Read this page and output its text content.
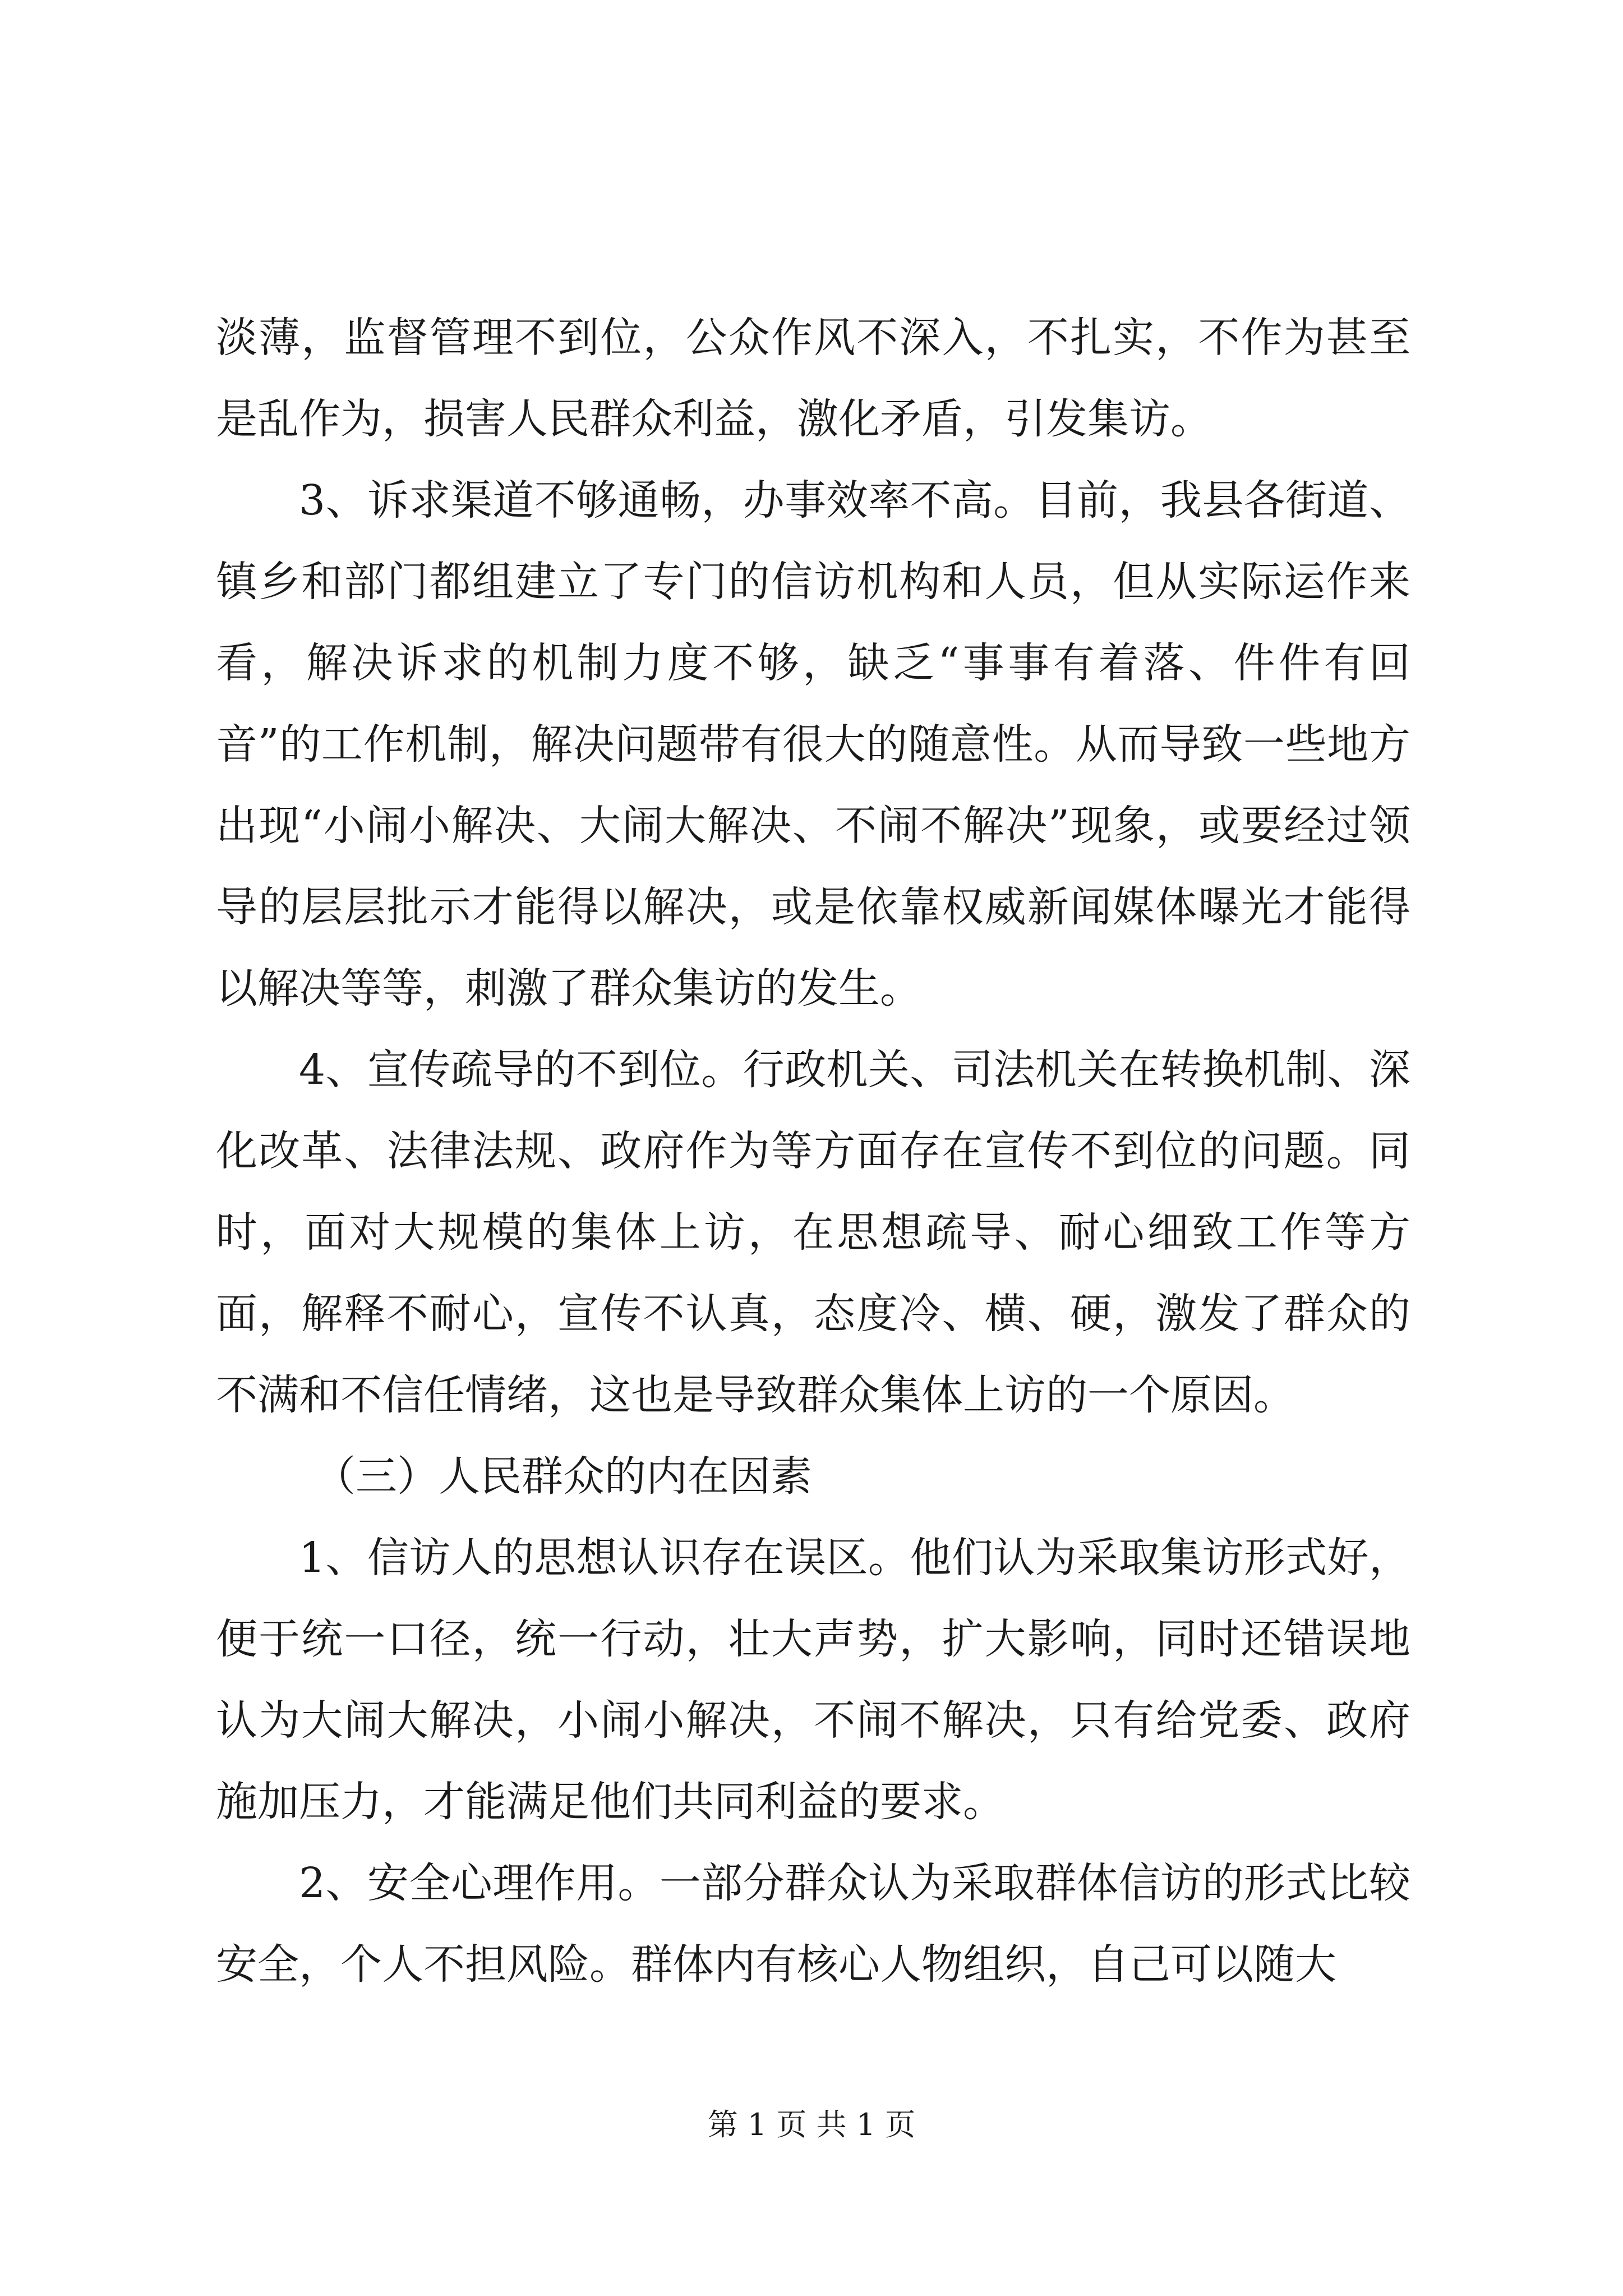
淡薄，监督管理不到位，公众作风不深入，不扎实，不作为甚至是乱作为，损害人民群众利益，激化矛盾，引发集访。

3、诉求渠道不够通畅，办事效率不高。目前，我县各街道、镇乡和部门都组建立了专门的信访机构和人员，但从实际运作来看，解决诉求的机制力度不够，缺乏“事事有着落、件件有回音”的工作机制，解决问题带有很大的随意性。从而导致一些地方出现“小闹小解决、大闹大解决、不闹不解决”现象，或要经过领导的层层批示才能得以解决，或是依靠权威新闻媒体曝光才能得以解决等等，刺激了群众集访的发生。

4、宣传疏导的不到位。行政机关、司法机关在转换机制、深化改革、法律法规、政府作为等方面存在宣传不到位的问题。同时，面对大规模的集体上访，在思想疏导、耐心细致工作等方面，解释不耐心，宣传不认真，态度冷、横、硬，激发了群众的不满和不信任情绪，这也是导致群众集体上访的一个原因。

（三）人民群众的内在因素

1、信访人的思想认识存在误区。他们认为采取集访形式好，便于统一口径，统一行动，壮大声势，扩大影响，同时还错误地认为大闹大解决，小闹小解决，不闹不解决，只有给党委、政府施加压力，才能满足他们共同利益的要求。

2、安全心理作用。一部分群众认为采取群体信访的形式比较安全，个人不担风险。群体内有核心人物组织，自己可以随大

第 1 页 共 1 页
